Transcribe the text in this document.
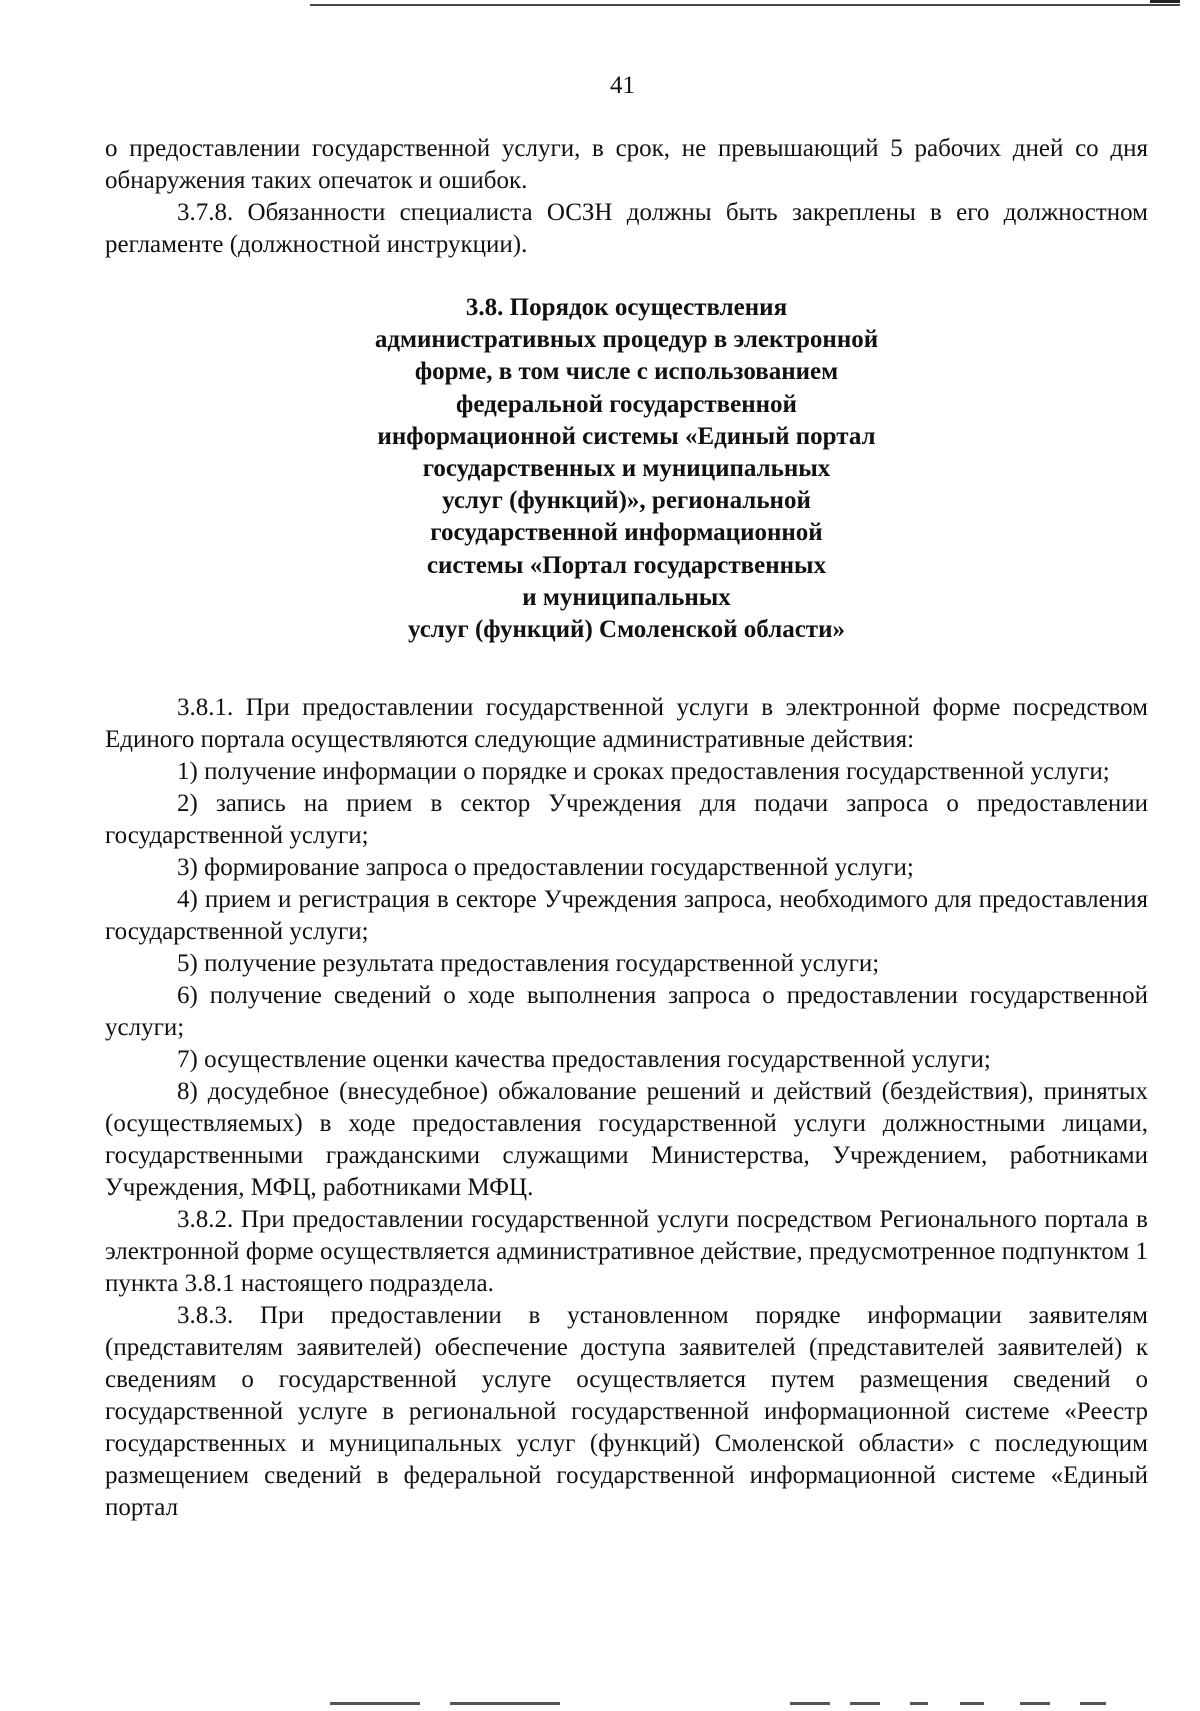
41

о предоставлении государственной услуги, в срок, не превышающий 5 рабочих дней со дня обнаружения таких опечаток и ошибок.

3.7.8. Обязанности специалиста ОСЗН должны быть закреплены в его должностном регламенте (должностной инструкции).

3.8. Порядок осуществления
административных процедур в электронной
форме, в том числе с использованием
федеральной государственной
информационной системы «Единый портал
государственных и муниципальных
услуг (функций)», региональной
государственной информационной
системы «Портал государственных
и муниципальных
услуг (функций) Смоленской области»

3.8.1. При предоставлении государственной услуги в электронной форме посредством Единого портала осуществляются следующие административные действия:

1) получение информации о порядке и сроках предоставления государственной услуги;

2) запись на прием в сектор Учреждения для подачи запроса о предоставлении государственной услуги;

3) формирование запроса о предоставлении государственной услуги;

4) прием и регистрация в секторе Учреждения запроса, необходимого для предоставления государственной услуги;

5) получение результата предоставления государственной услуги;

6) получение сведений о ходе выполнения запроса о предоставлении государственной услуги;

7) осуществление оценки качества предоставления государственной услуги;

8) досудебное (внесудебное) обжалование решений и действий (бездействия), принятых (осуществляемых) в ходе предоставления государственной услуги должностными лицами, государственными гражданскими служащими Министерства, Учреждением, работниками Учреждения, МФЦ, работниками МФЦ.

3.8.2. При предоставлении государственной услуги посредством Регионального портала в электронной форме осуществляется административное действие, предусмотренное подпунктом 1 пункта 3.8.1 настоящего подраздела.

3.8.3. При предоставлении в установленном порядке информации заявителям (представителям заявителей) обеспечение доступа заявителей (представителей заявителей) к сведениям о государственной услуге осуществляется путем размещения сведений о государственной услуге в региональной государственной информационной системе «Реестр государственных и муниципальных услуг (функций) Смоленской области» с последующим размещением сведений в федеральной государственной информационной системе «Единый портал
